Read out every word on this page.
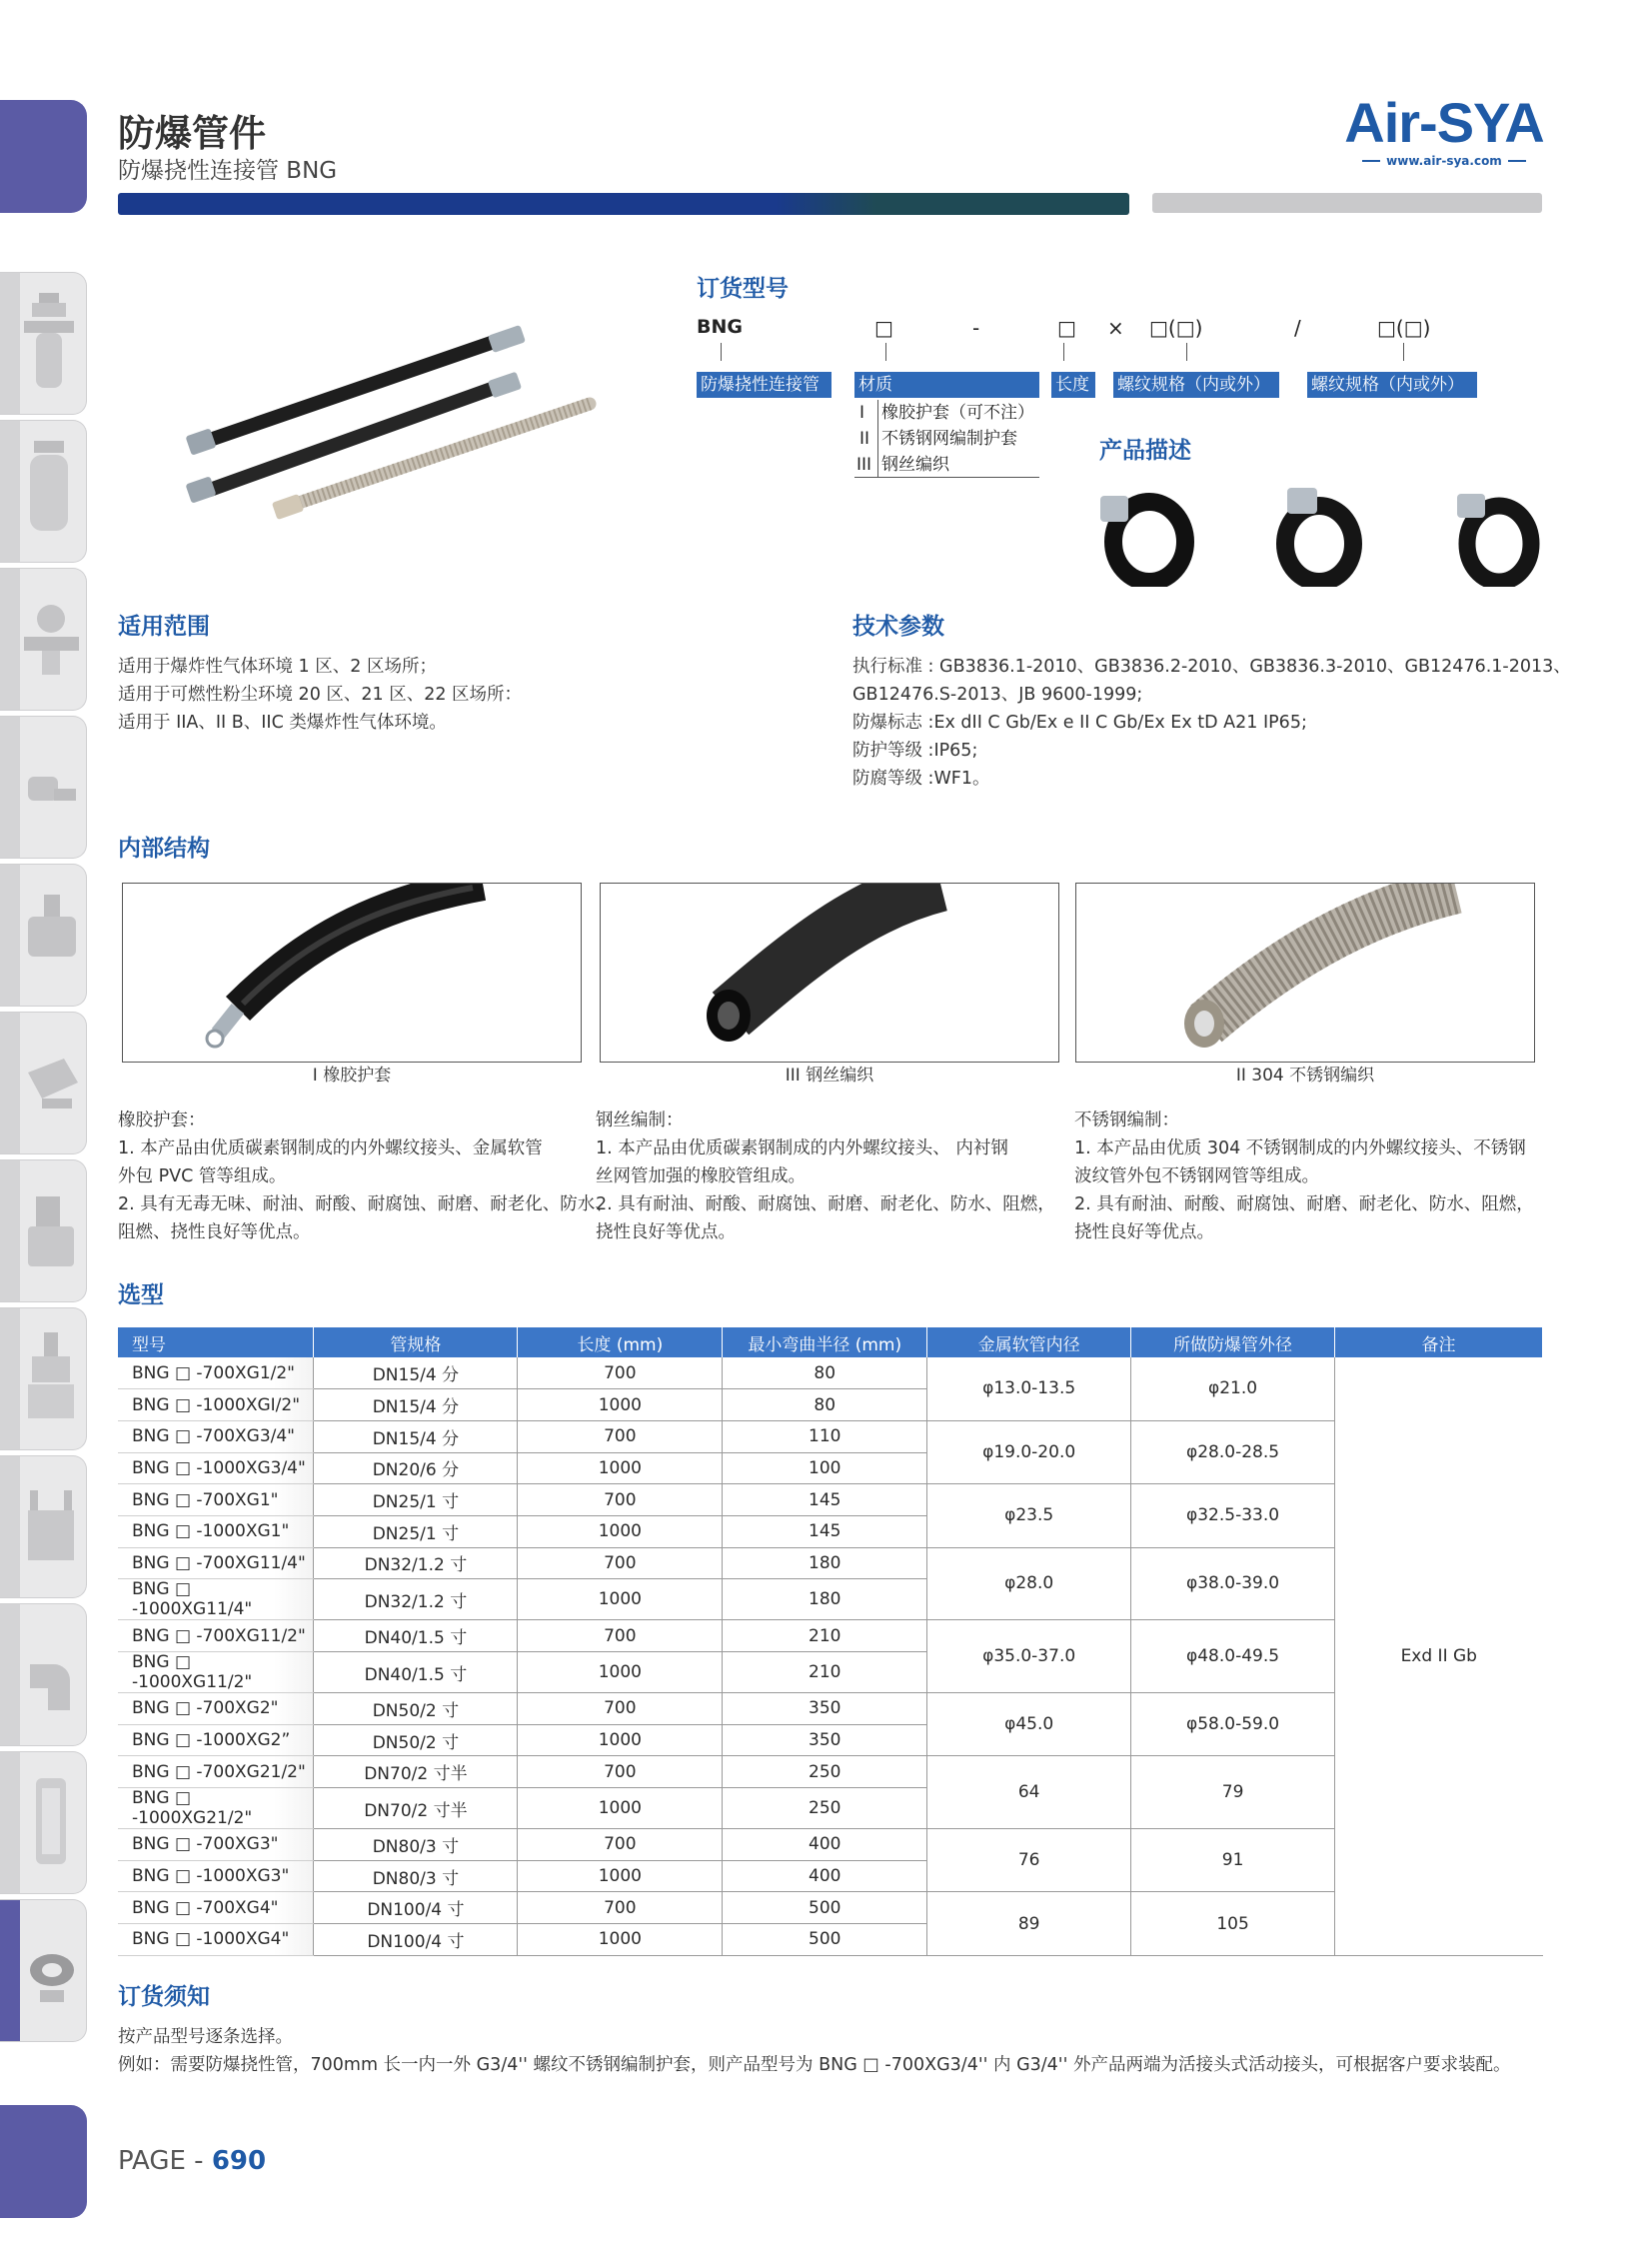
防爆管件
防爆挠性连接管 BNG
Air-SYA
www.air-sya.com
订货型号
BNG	□	-	□ × □(□)	/	□(□)
防爆挠性连接管	材质	长度	螺纹规格（内或外）	螺纹规格（内或外）
I 橡胶护套（可不注）
II 不锈钢网编制护套
III 钢丝编织
产品描述
适用范围
适用于爆炸性气体环境 1 区、2 区场所；
适用于可燃性粉尘环境 20 区、21 区、22 区场所：
适用于 IIA、II B、IIC 类爆炸性气体环境。
技术参数
执行标准 : GB3836.1-2010、GB3836.2-2010、GB3836.3-2010、GB12476.1-2013、
GB12476.S-2013、JB 9600-1999;
防爆标志 :Ex dII C Gb/Ex e II C Gb/Ex Ex tD A21 IP65;
防护等级 :IP65;
防腐等级 :WF1。
内部结构
I 橡胶护套	III 钢丝编织	II 304 不锈钢编织
橡胶护套：
1. 本产品由优质碳素钢制成的内外螺纹接头、金属软管
外包 PVC 管等组成。
2. 具有无毒无味、耐油、耐酸、耐腐蚀、耐磨、耐老化、防水、
阻燃、挠性良好等优点。
钢丝编制：
1. 本产品由优质碳素钢制成的内外螺纹接头、 内衬钢
丝网管加强的橡胶管组成。
2. 具有耐油、耐酸、耐腐蚀、耐磨、耐老化、防水、阻燃，
挠性良好等优点。
不锈钢编制：
1. 本产品由优质 304 不锈钢制成的内外螺纹接头、不锈钢
波纹管外包不锈钢网管等组成。
2. 具有耐油、耐酸、耐腐蚀、耐磨、耐老化、防水、阻燃，
挠性良好等优点。
选型
型号	管规格	长度 (mm)	最小弯曲半径 (mm)	金属软管内径	所做防爆管外径	备注
BNG □ -700XG1/2"	DN15/4 分	700	80	φ13.0-13.5	φ21.0	Exd II Gb
BNG □ -1000XGI/2"	DN15/4 分	1000	80			
BNG □ -700XG3/4"	DN15/4 分	700	110	φ19.0-20.0	φ28.0-28.5	
BNG □ -1000XG3/4"	DN20/6 分	1000	100			
BNG □ -700XG1"	DN25/1 寸	700	145	φ23.5	φ32.5-33.0	
BNG □ -1000XG1"	DN25/1 寸	1000	145			
BNG □ -700XG11/4"	DN32/1.2 寸	700	180	φ28.0	φ38.0-39.0	
BNG □ -1000XG11/4"	DN32/1.2 寸	1000	180			
BNG □ -700XG11/2"	DN40/1.5 寸	700	210	φ35.0-37.0	φ48.0-49.5	
BNG □ -1000XG11/2"	DN40/1.5 寸	1000	210			
BNG □ -700XG2"	DN50/2 寸	700	350	φ45.0	φ58.0-59.0	
BNG □ -1000XG2”	DN50/2 寸	1000	350			
BNG □ -700XG21/2"	DN70/2 寸半	700	250	64	79	
BNG □ -1000XG21/2"	DN70/2 寸半	1000	250			
BNG □ -700XG3"	DN80/3 寸	700	400	76	91	
BNG □ -1000XG3"	DN80/3 寸	1000	400			
BNG □ -700XG4"	DN100/4 寸	700	500	89	105	
BNG □ -1000XG4"	DN100/4 寸	1000	500			
订货须知
按产品型号逐条选择。
例如：需要防爆挠性管，700mm 长一内一外 G3/4'' 螺纹不锈钢编制护套，则产品型号为 BNG □ -700XG3/4'' 内 G3/4'' 外产品两端为活接头式活动接头，可根据客户要求装配。
PAGE - 690
